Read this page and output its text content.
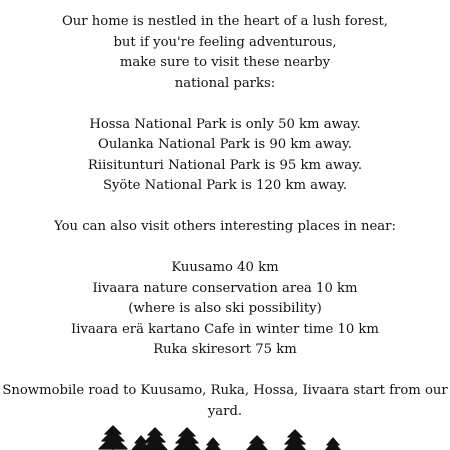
Our home is nestled in the heart of a lush forest,
but if you're feeling adventurous,
make sure to visit these nearby
national parks:
Hossa National Park is only 50 km away.
Oulanka National Park is 90 km away.
Riisitunturi National Park is 95 km away.
Syöte National Park is 120 km away.
You can also visit others interesting places in near:
Kuusamo 40 km
Iivaara nature conservation area 10 km
(where is also ski possibility)
Iivaara erä kartano Cafe in winter time 10 km
Ruka skiresort 75 km
Snowmobile road to Kuusamo, Ruka, Hossa, Iivaara start from our
yard.
